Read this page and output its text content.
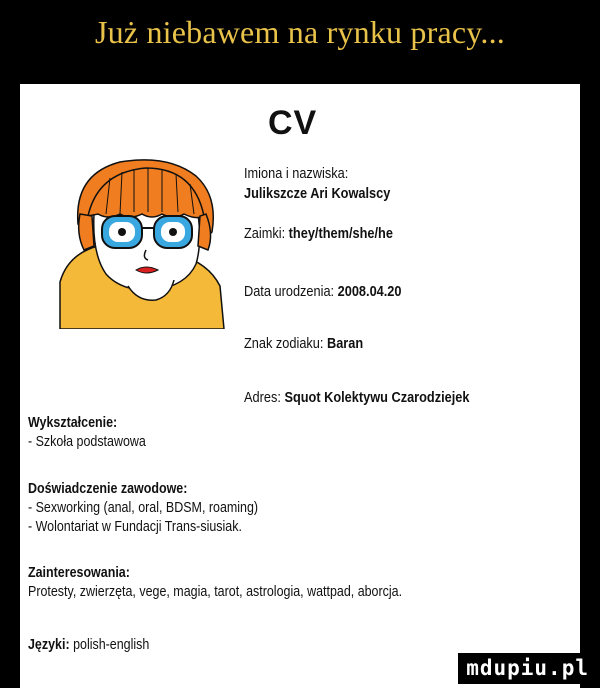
Już niebawem na rynku pracy...
CV
Imiona i nazwiska:
Julikszcze Ari Kowalscy
Zaimki: they/them/she/he
Data urodzenia: 2008.04.20
Znak zodiaku: Baran
Adres: Squot Kolektywu Czarodziejek
Wykształcenie:
- Szkoła podstawowa
Doświadczenie zawodowe:
- Sexworking (anal, oral, BDSM, roaming)
- Wolontariat w Fundacji Trans-siusiak.
Zainteresowania:
Protesty, zwierzęta, vege, magia, tarot, astrologia, wattpad, aborcja.
Języki: polish-english
mdupiu.pl
